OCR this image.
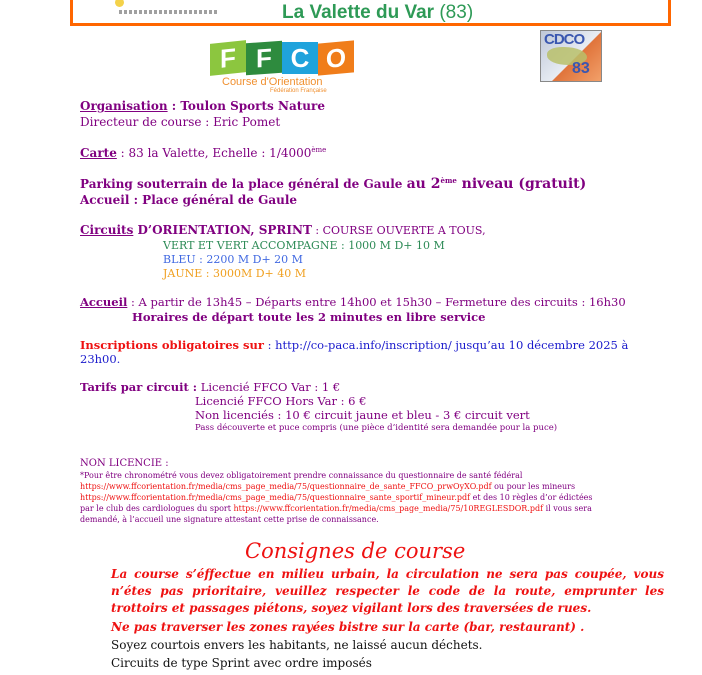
La Valette du Var (83)
F F C O
Course d'Orientation
Fédération Française
CDCO
83
Organisation : Toulon Sports Nature
Directeur de course : Eric Pomet
Carte : 83 la Valette, Echelle : 1/4000ème
Parking souterrain de la place général de Gaule au 2ème niveau (gratuit)
Accueil : Place général de Gaule
Circuits D’ORIENTATION, SPRINT : COURSE OUVERTE A TOUS,
VERT ET VERT ACCOMPAGNE : 1000 M D+ 10 M
BLEU : 2200 M D+ 20 M
JAUNE : 3000M D+ 40 M
Accueil : A partir de 13h45 – Départs entre 14h00 et 15h30 – Fermeture des circuits : 16h30
Horaires de départ toute les 2 minutes en libre service
Inscriptions obligatoires sur : http://co-paca.info/inscription/ jusqu’au 10 décembre 2025 à
23h00.
Tarifs par circuit : Licencié FFCO Var : 1 €
Licencié FFCO Hors Var : 6 €
Non licenciés : 10 € circuit jaune et bleu - 3 € circuit vert
Pass découverte et puce compris (une pièce d’identité sera demandée pour la puce)
NON LICENCIE :
*Pour être chronométré vous devez obligatoirement prendre connaissance du questionnaire de santé fédéral
https://www.ffcorientation.fr/media/cms_page_media/75/questionnaire_de_sante_FFCO_prwOyXO.pdf ou pour les mineurs
https://www.ffcorientation.fr/media/cms_page_media/75/questionnaire_sante_sportif_mineur.pdf et des 10 règles d’or édictées
par le club des cardiologues du sport https://www.ffcorientation.fr/media/cms_page_media/75/10REGLESDOR.pdf il vous sera
demandé, à l’accueil une signature attestant cette prise de connaissance.
Consignes de course
La course s’éffectue en milieu urbain, la circulation ne sera pas coupée, vous n’étes pas prioritaire, veuillez respecter le code de la route, emprunter les trottoirs et passages piétons, soyez vigilant lors des traversées de rues.
Ne pas traverser les zones rayées bistre sur la carte (bar, restaurant) .
Soyez courtois envers les habitants, ne laissé aucun déchets.
Circuits de type Sprint avec ordre imposés
